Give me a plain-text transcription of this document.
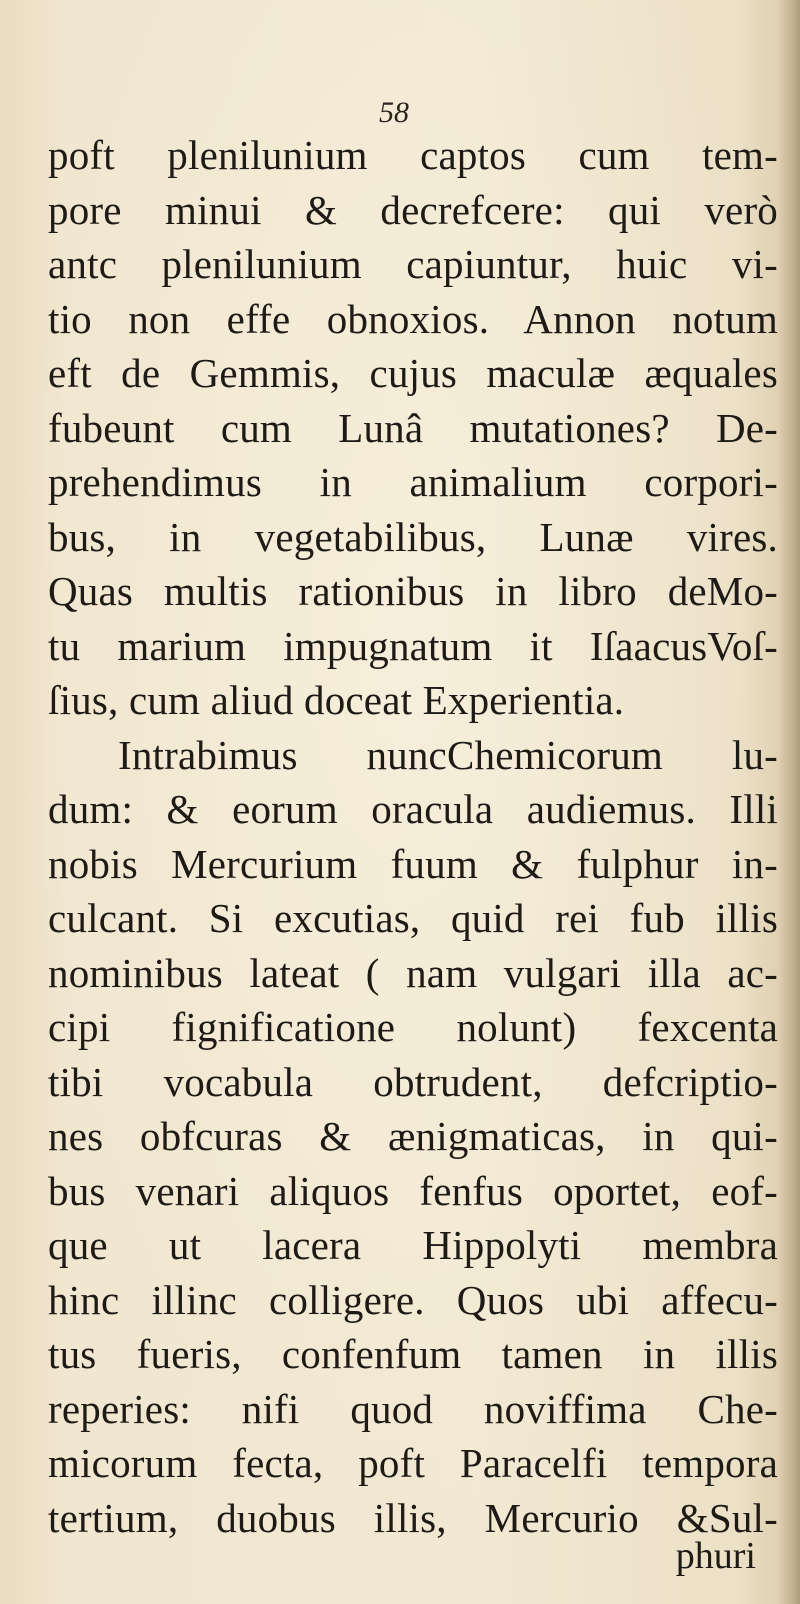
58
poft plenilunium captos cum tem-
pore minui & decrefcere: qui verò
antc plenilunium capiuntur, huic vi-
tio non effe obnoxios. Annon notum
eft de Gemmis, cujus maculæ æquales
fubeunt cum Lunâ mutationes? De-
prehendimus in animalium corpori-
bus, in vegetabilibus, Lunæ vires.
Quas multis rationibus in libro deMo-
tu marium impugnatum it IſaacusVoſ-
ſius, cum aliud doceat Experientia.
Intrabimus nuncChemicorum lu-
dum: & eorum oracula audiemus. Illi
nobis Mercurium fuum & fulphur in-
culcant. Si excutias, quid rei fub illis
nominibus lateat ( nam vulgari illa ac-
cipi fignificatione nolunt) fexcenta
tibi vocabula obtrudent, defcriptio-
nes obfcuras & ænigmaticas, in qui-
bus venari aliquos fenfus oportet, eof-
que ut lacera Hippolyti membra
hinc illinc colligere. Quos ubi affecu-
tus fueris, confenfum tamen in illis
reperies: nifi quod noviffima Che-
micorum fecta, poft Paracelfi tempora
tertium, duobus illis, Mercurio &Sul-
phuri
